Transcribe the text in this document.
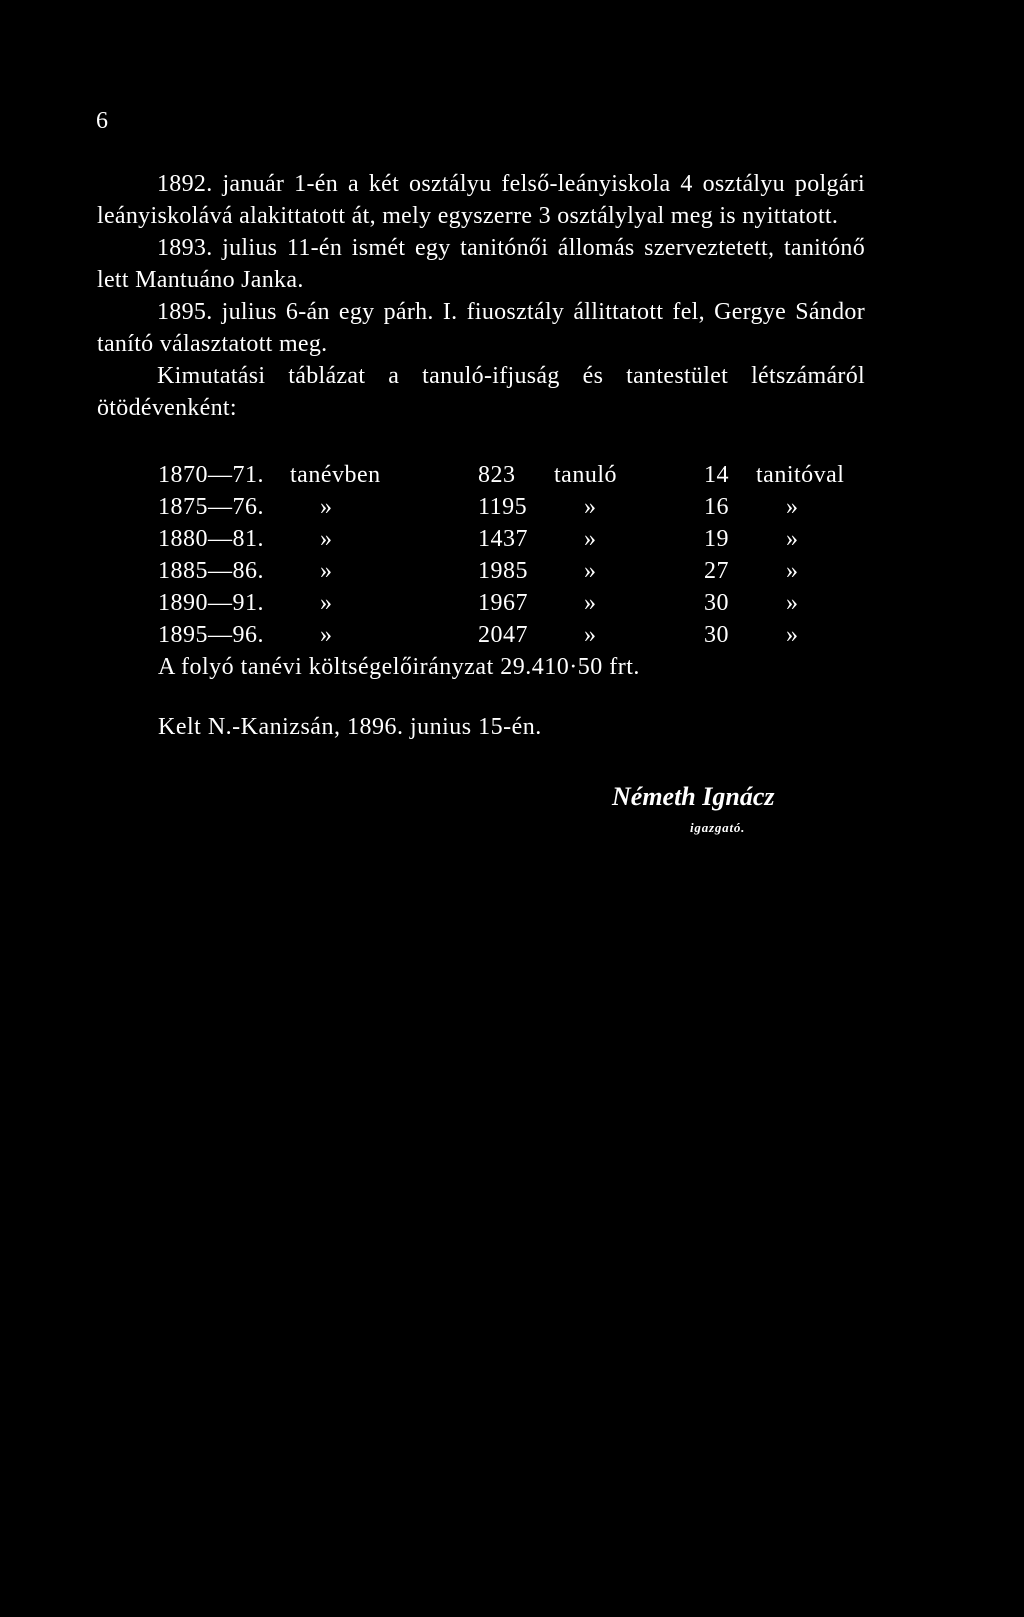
6

1892. január 1-én a két osztályu felső-leányiskola 4 osztályu polgári leányiskolává alakittatott át, mely egyszerre 3 osztálylyal meg is nyittatott.

1893. julius 11-én ismét egy tanitónői állomás szerveztetett, tanitónő lett Mantuáno Janka.

1895. julius 6-án egy párh. I. fiuosztály állittatott fel, Gergye Sándor tanító választatott meg.

Kimutatási táblázat a tanuló-ifjuság és tantestület létszámáról ötödévenként:

1870—71.	tanévben	823	tanuló	14	tanitóval
1875—76.	»	1195	»	16	»
1880—81.	»	1437	»	19	»
1885—86.	»	1985	»	27	»
1890—91.	»	1967	»	30	»
1895—96.	»	2047	»	30	»
A folyó tanévi költségelőirányzat 29.410·50 frt.
Kelt N.-Kanizsán, 1896. junius 15-én.
Németh Ignácz
igazgató.
